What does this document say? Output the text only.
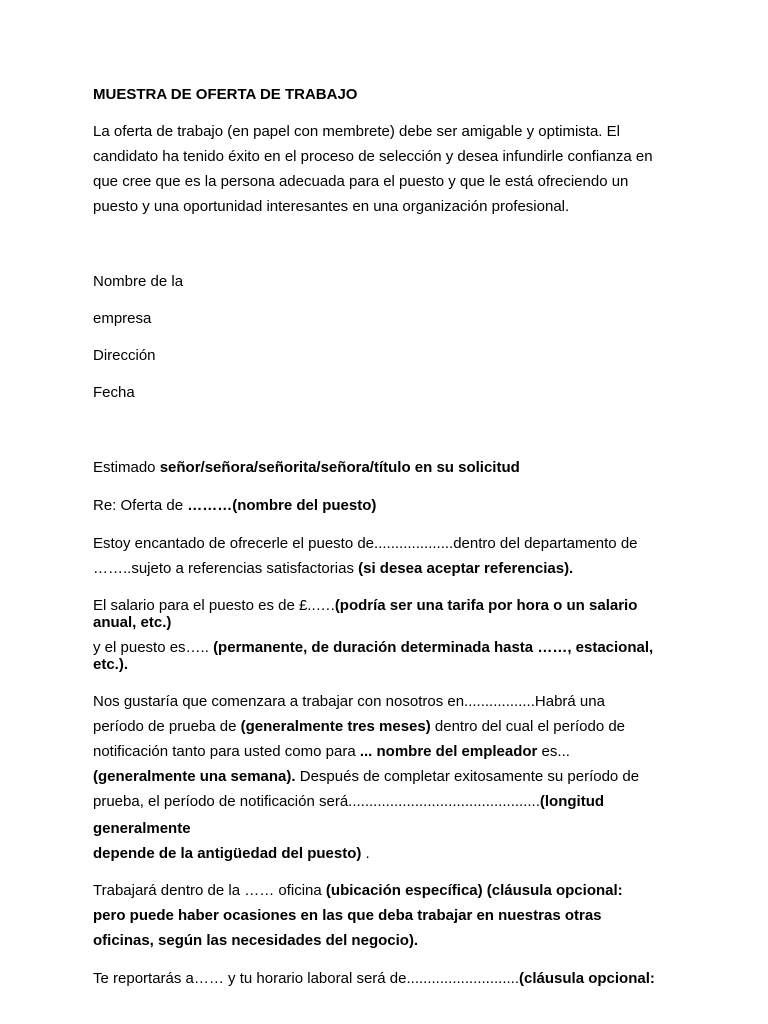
MUESTRA DE OFERTA DE TRABAJO
La oferta de trabajo (en papel con membrete) debe ser amigable y optimista. El
candidato ha tenido éxito en el proceso de selección y desea infundirle confianza en
que cree que es la persona adecuada para el puesto y que le está ofreciendo un
puesto y una oportunidad interesantes en una organización profesional.
Nombre de la
empresa
Dirección
Fecha
Estimado señor/señora/señorita/señora/título en su solicitud
Re: Oferta de ………(nombre del puesto)
Estoy encantado de ofrecerle el puesto de...................dentro del departamento de
……..sujeto a referencias satisfactorias (si desea aceptar referencias).
El salario para el puesto es de £..….(podría ser una tarifa por hora o un salario
anual, etc.)
y el puesto es….. (permanente, de duración determinada hasta ……, estacional,
etc.).
Nos gustaría que comenzara a trabajar con nosotros en.................Habrá una
período de prueba de (generalmente tres meses) dentro del cual el período de
notificación tanto para usted como para ... nombre del empleador es...
(generalmente una semana). Después de completar exitosamente su período de
prueba, el período de notificación será..............................................(longitud
generalmente
depende de la antigüedad del puesto) .
Trabajará dentro de la …… oficina (ubicación específica) (cláusula opcional:
pero puede haber ocasiones en las que deba trabajar en nuestras otras
oficinas, según las necesidades del negocio).
Te reportarás a…… y tu horario laboral será de...........................(cláusula opcional:
